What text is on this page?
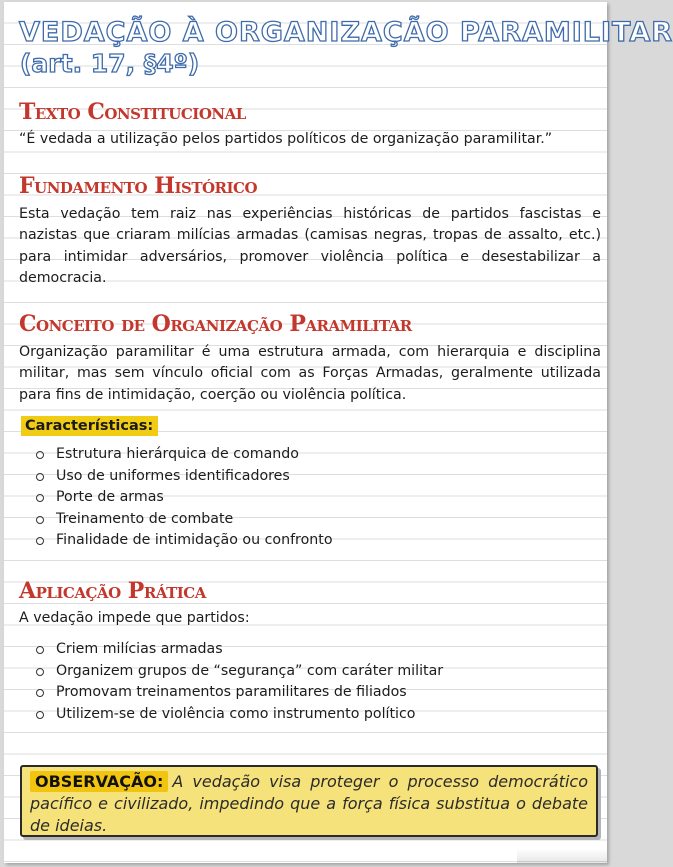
VEDAÇÃO À ORGANIZAÇÃO PARAMILITAR
(art. 17, §4º)
Texto Constitucional

“É vedada a utilização pelos partidos políticos de organização paramilitar.”

Fundamento Histórico

Esta vedação tem raiz nas experiências históricas de partidos fascistas e nazistas que criaram milícias armadas (camisas negras, tropas de assalto, etc.) para intimidar adversários, promover violência política e desestabilizar a democracia.

Conceito de Organização Paramilitar

Organização paramilitar é uma estrutura armada, com hierarquia e disciplina militar, mas sem vínculo oficial com as Forças Armadas, geralmente utilizada para fins de intimidação, coerção ou violência política.

Características:
Estrutura hierárquica de comando
Uso de uniformes identificadores
Porte de armas
Treinamento de combate
Finalidade de intimidação ou confronto
Aplicação Prática

A vedação impede que partidos:

Criem milícias armadas
Organizem grupos de “segurança” com caráter militar
Promovam treinamentos paramilitares de filiados
Utilizem-se de violência como instrumento político
OBSERVAÇÃO: A vedação visa proteger o processo democrático pacífico e civilizado, impedindo que a força física substitua o debate de ideias.
